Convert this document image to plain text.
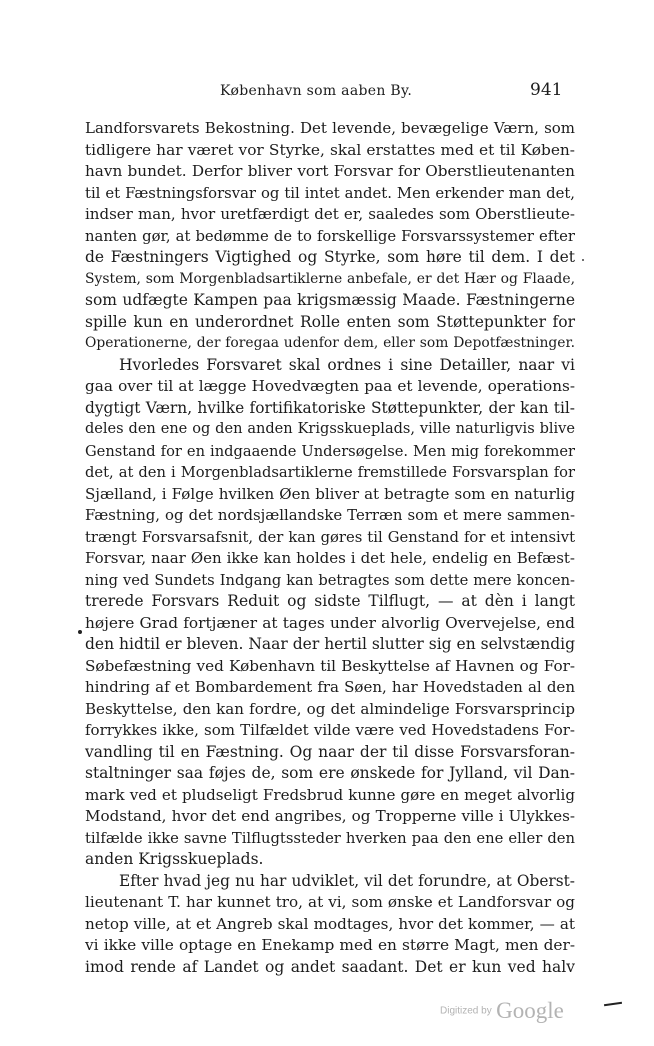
København som aaben By.	941
Landforsvarets Bekostning. Det levende, bevægelige Værn, som
tidligere har været vor Styrke, skal erstattes med et til Køben-
havn bundet. Derfor bliver vort Forsvar for Oberstlieutenanten
til et Fæstningsforsvar og til intet andet. Men erkender man det,
indser man, hvor uretfærdigt det er, saaledes som Oberstlieute-
nanten gør, at bedømme de to forskellige Forsvarssystemer efter
de Fæstningers Vigtighed og Styrke, som høre til dem. I det
System, som Morgenbladsartiklerne anbefale, er det Hær og Flaade,
som udfægte Kampen paa krigsmæssig Maade. Fæstningerne
spille kun en underordnet Rolle enten som Støttepunkter for
Operationerne, der foregaa udenfor dem, eller som Depotfæstninger.
Hvorledes Forsvaret skal ordnes i sine Detailler, naar vi
gaa over til at lægge Hovedvægten paa et levende, operations-
dygtigt Værn, hvilke fortifikatoriske Støttepunkter, der kan til-
deles den ene og den anden Krigsskueplads, ville naturligvis blive
Genstand for en indgaaende Undersøgelse. Men mig forekommer
det, at den i Morgenbladsartiklerne fremstillede Forsvarsplan for
Sjælland, i Følge hvilken Øen bliver at betragte som en naturlig
Fæstning, og det nordsjællandske Terræn som et mere sammen-
trængt Forsvarsafsnit, der kan gøres til Genstand for et intensivt
Forsvar, naar Øen ikke kan holdes i det hele, endelig en Befæst-
ning ved Sundets Indgang kan betragtes som dette mere koncen-
trerede Forsvars Reduit og sidste Tilflugt, — at dèn i langt
højere Grad fortjæner at tages under alvorlig Overvejelse, end
den hidtil er bleven. Naar der hertil slutter sig en selvstændig
Søbefæstning ved København til Beskyttelse af Havnen og For-
hindring af et Bombardement fra Søen, har Hovedstaden al den
Beskyttelse, den kan fordre, og det almindelige Forsvarsprincip
forrykkes ikke, som Tilfældet vilde være ved Hovedstadens For-
vandling til en Fæstning. Og naar der til disse Forsvarsforan-
staltninger saa føjes de, som ere ønskede for Jylland, vil Dan-
mark ved et pludseligt Fredsbrud kunne gøre en meget alvorlig
Modstand, hvor det end angribes, og Tropperne ville i Ulykkes-
tilfælde ikke savne Tilflugtssteder hverken paa den ene eller den
anden Krigsskueplads.
Efter hvad jeg nu har udviklet, vil det forundre, at Oberst-
lieutenant T. har kunnet tro, at vi, som ønske et Landforsvar og
netop ville, at et Angreb skal modtages, hvor det kommer, — at
vi ikke ville optage en Enekamp med en større Magt, men der-
imod rende af Landet og andet saadant. Det er kun ved halv
Digitized by Google
